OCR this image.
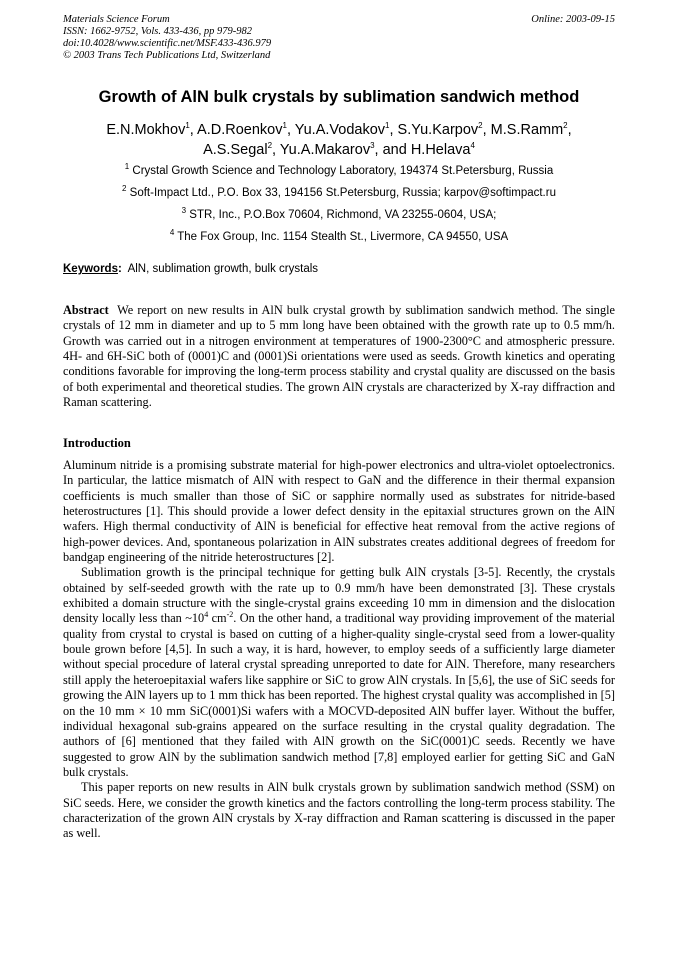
Materials Science Forum
ISSN: 1662-9752, Vols. 433-436, pp 979-982
doi:10.4028/www.scientific.net/MSF.433-436.979
© 2003 Trans Tech Publications Ltd, Switzerland
Online: 2003-09-15
Growth of AlN bulk crystals by sublimation sandwich method
E.N.Mokhov$^1$, A.D.Roenkov$^1$, Yu.A.Vodakov$^1$, S.Yu.Karpov$^2$, M.S.Ramm$^2$,
A.S.Segal$^2$, Yu.A.Makarov$^3$, and H.Helava$^4$
$^1$ Crystal Growth Science and Technology Laboratory, 194374 St.Petersburg, Russia
$^2$ Soft-Impact Ltd., P.O. Box 33, 194156 St.Petersburg, Russia; karpov@softimpact.ru
$^3$ STR, Inc., P.O.Box 70604, Richmond, VA 23255-0604, USA;
$^4$ The Fox Group, Inc. 1154 Stealth St., Livermore, CA 94550, USA
Keywords: AlN, sublimation growth, bulk crystals

Abstract We report on new results in AlN bulk crystal growth by sublimation sandwich method. The single crystals of 12 mm in diameter and up to 5 mm long have been obtained with the growth rate up to 0.5 mm/h. Growth was carried out in a nitrogen environment at temperatures of 1900-2300°C and atmospheric pressure. 4H- and 6H-SiC both of (0001)C and (0001)Si orientations were used as seeds. Growth kinetics and operating conditions favorable for improving the long-term process stability and crystal quality are discussed on the basis of both experimental and theoretical studies. The grown AlN crystals are characterized by X-ray diffraction and Raman scattering.

Introduction

Aluminum nitride is a promising substrate material for high-power electronics and ultra-violet optoelectronics. In particular, the lattice mismatch of AlN with respect to GaN and the difference in their thermal expansion coefficients is much smaller than those of SiC or sapphire normally used as substrates for nitride-based heterostructures [1]. This should provide a lower defect density in the epitaxial structures grown on the AlN wafers. High thermal conductivity of AlN is beneficial for effective heat removal from the active regions of high-power devices. And, spontaneous polarization in AlN substrates creates additional degrees of freedom for bandgap engineering of the nitride heterostructures [2].

Sublimation growth is the principal technique for getting bulk AlN crystals [3-5]. Recently, the crystals obtained by self-seeded growth with the rate up to 0.9 mm/h have been demonstrated [3]. These crystals exhibited a domain structure with the single-crystal grains exceeding 10 mm in dimension and the dislocation density locally less than $\sim 10^4$ $cm^{-2}$. On the other hand, a traditional way providing improvement of the material quality from crystal to crystal is based on cutting of a higher-quality single-crystal seed from a lower-quality boule grown before [4,5]. In such a way, it is hard, however, to employ seeds of a sufficiently large diameter without special procedure of lateral crystal spreading unreported to date for AlN. Therefore, many researchers still apply the heteroepitaxial wafers like sapphire or SiC to grow AlN crystals. In [5,6], the use of SiC seeds for growing the AlN layers up to 1 mm thick has been reported. The highest crystal quality was accomplished in [5] on the 10 mm × 10 mm SiC(0001)Si wafers with a MOCVD-deposited AlN buffer layer. Without the buffer, individual hexagonal sub-grains appeared on the surface resulting in the crystal quality degradation. The authors of [6] mentioned that they failed with AlN growth on the SiC(0001)C seeds. Recently we have suggested to grow AlN by the sublimation sandwich method [7,8] employed earlier for getting SiC and GaN bulk crystals.

This paper reports on new results in AlN bulk crystals grown by sublimation sandwich method (SSM) on SiC seeds. Here, we consider the growth kinetics and the factors controlling the long-term process stability. The characterization of the grown AlN crystals by X-ray diffraction and Raman scattering is discussed in the paper as well.
